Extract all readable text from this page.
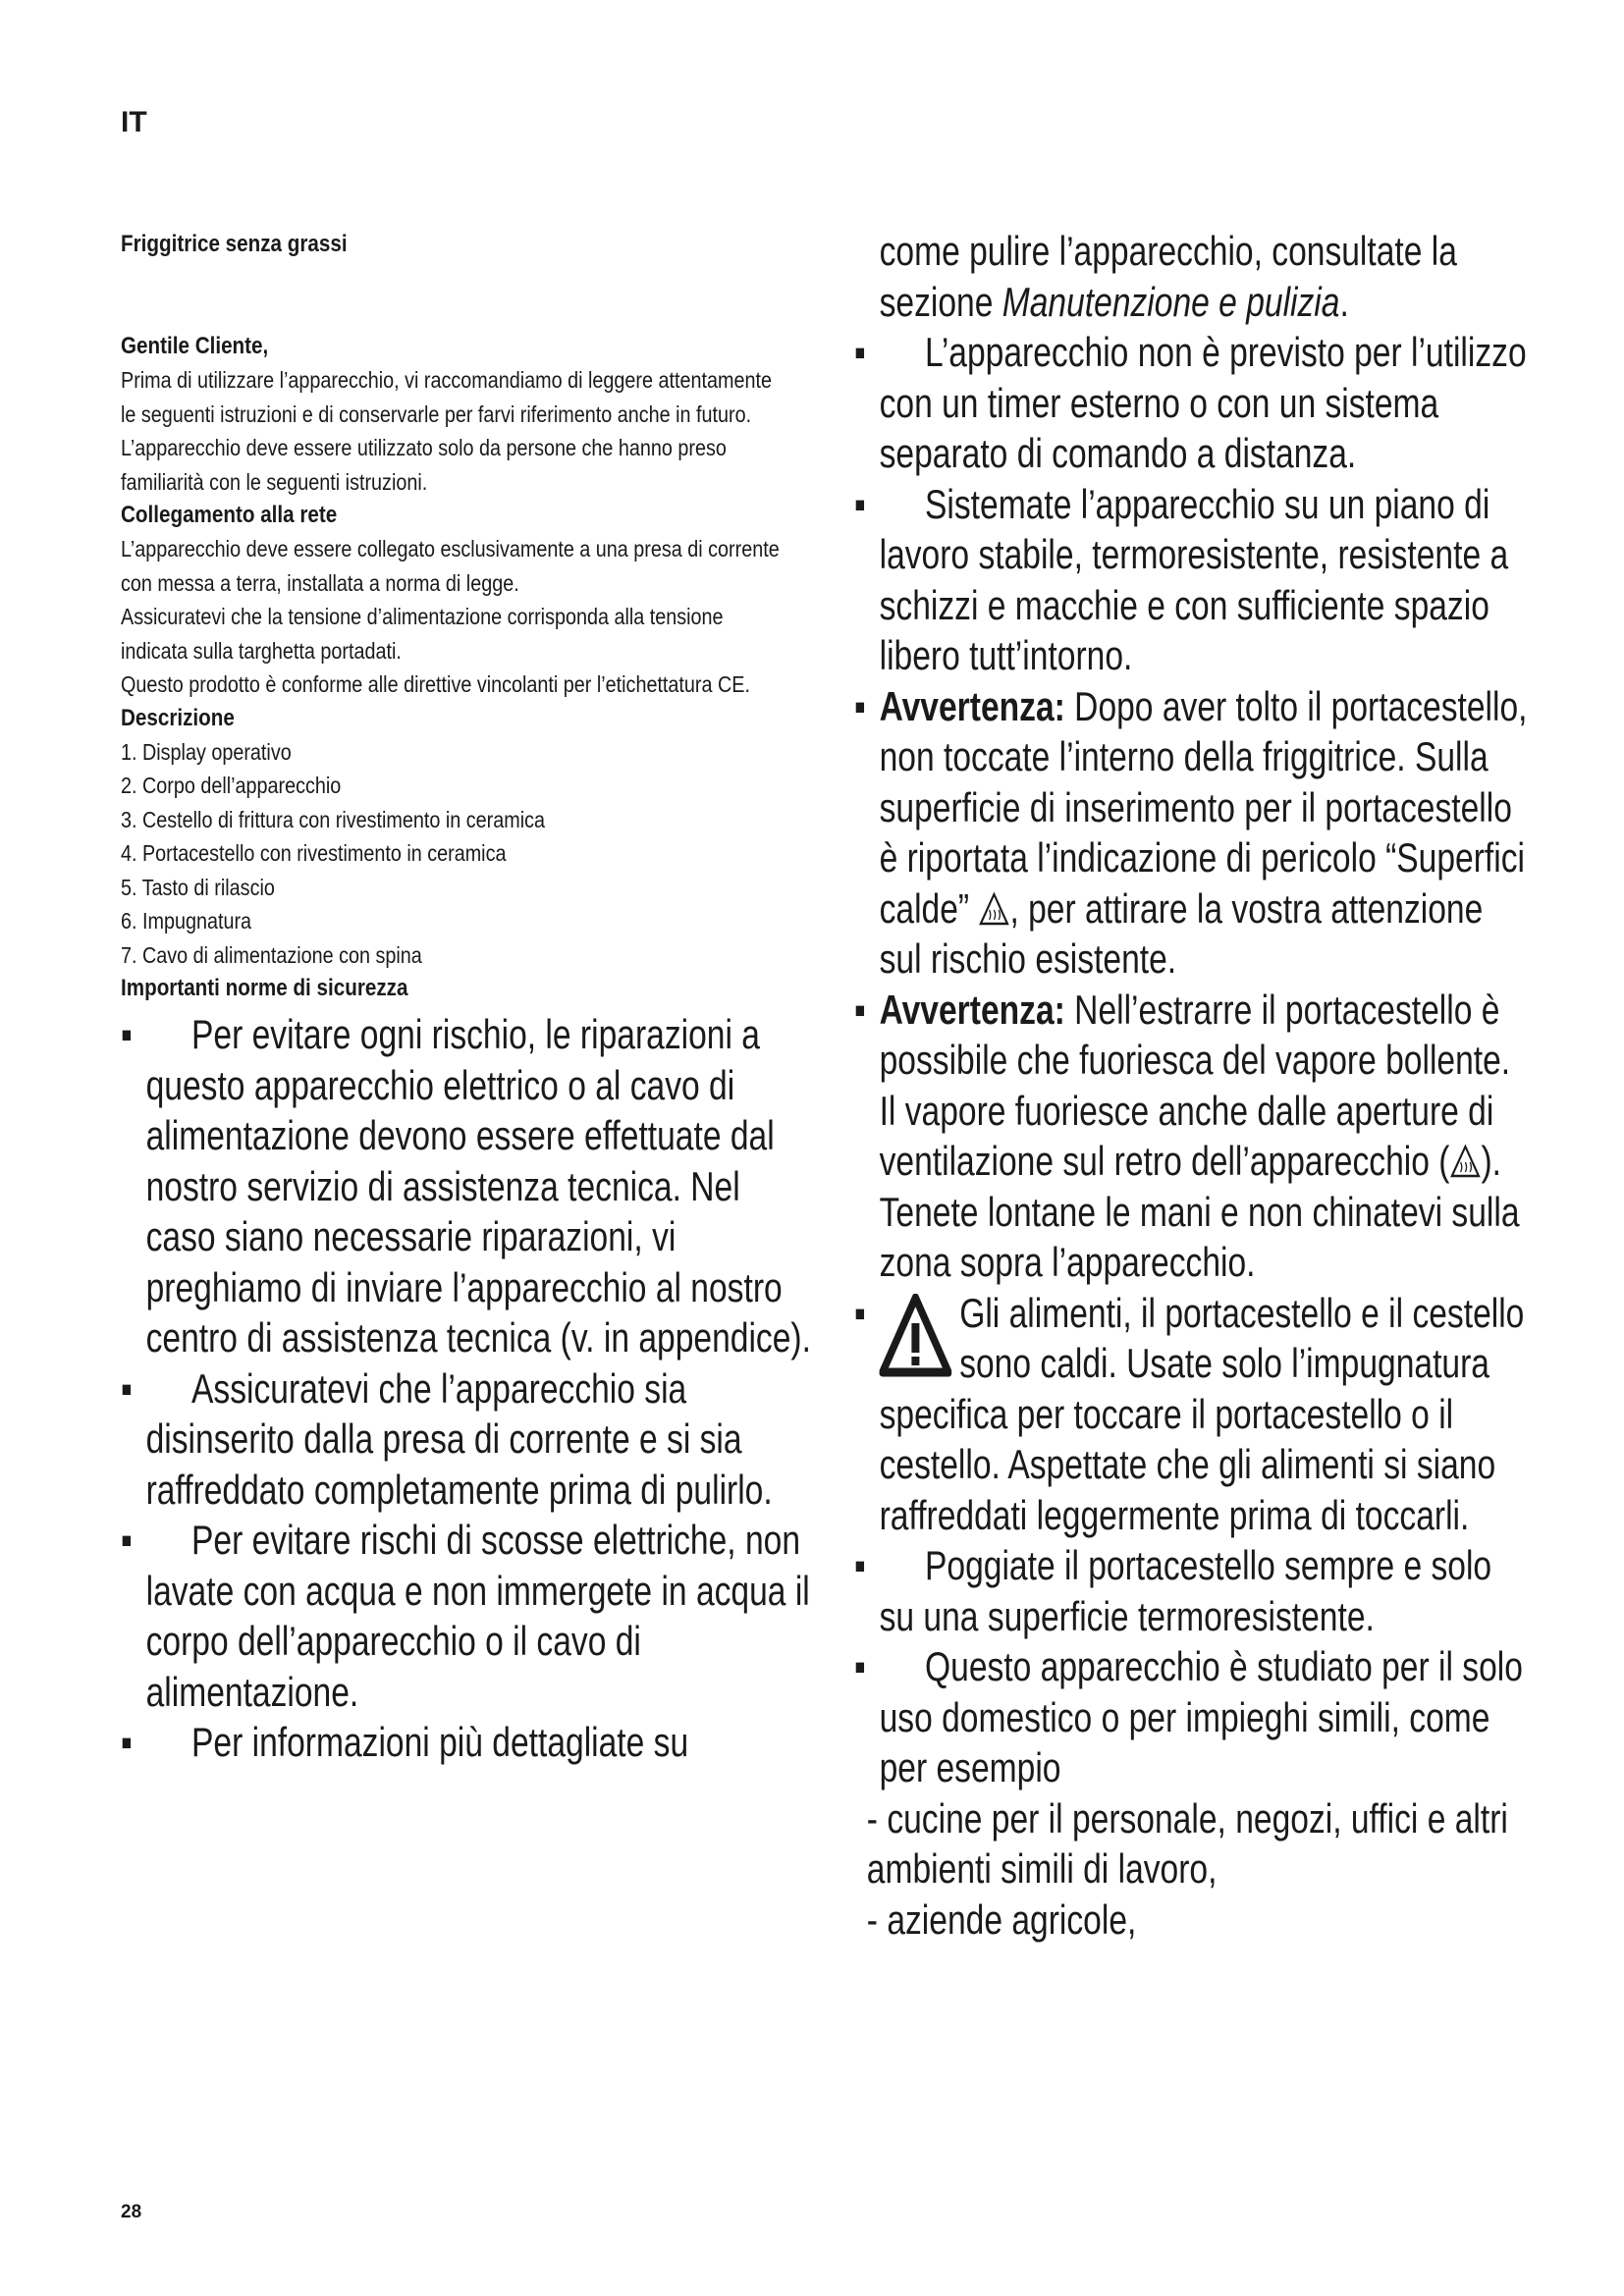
IT
Friggitrice senza grassi
Gentile Cliente,

Prima di utilizzare l’apparecchio, vi raccomandiamo di leggere attentamente le seguenti istruzioni e di conservarle per farvi riferimento anche in futuro. L’apparecchio deve essere utilizzato solo da persone che hanno preso familiarità con le seguenti istruzioni.

Collegamento alla rete

L’apparecchio deve essere collegato esclusivamente a una presa di corrente con messa a terra, installata a norma di legge.

Assicuratevi che la tensione d’alimentazione corrisponda alla tensione indicata sulla targhetta portadati.

Questo prodotto è conforme alle direttive vincolanti per l’etichettatura CE.

Descrizione
1. Display operativo
2. Corpo dell’apparecchio
3. Cestello di frittura con rivestimento in ceramica
4. Portacestello con rivestimento in ceramica
5. Tasto di rilascio
6. Impugnatura
7. Cavo di alimentazione con spina
Importanti norme di sicurezza
▪	Per evitare ogni rischio, le riparazioni a questo apparecchio elettrico o al cavo di alimentazione devono essere effettuate dal nostro servizio di assistenza tecnica. Nel caso siano necessarie riparazioni, vi preghiamo di inviare l’apparecchio al nostro centro di assistenza tecnica (v. in appendice).
▪	Assicuratevi che l’apparecchio sia disinserito dalla presa di corrente e si sia raffreddato completamente prima di pulirlo.
▪	Per evitare rischi di scosse elettriche, non lavate con acqua e non immergete in acqua il corpo dell’apparecchio o il cavo di alimentazione.
▪	Per informazioni più dettagliate su
come pulire l’apparecchio, consultate la sezione Manutenzione e pulizia.
▪	L’apparecchio non è previsto per l’utilizzo con un timer esterno o con un sistema separato di comando a distanza.
▪	Sistemate l’apparecchio su un piano di lavoro stabile, termoresistente, resistente a schizzi e macchie e con sufficiente spazio libero tutt’intorno.
▪ Avvertenza: Dopo aver tolto il portacestello, non toccate l’interno della friggitrice. Sulla superficie di inserimento per il portacestello è riportata l’indicazione di pericolo “Superfici calde” , per attirare la vostra attenzione sul rischio esistente.
▪ Avvertenza: Nell’estrarre il portacestello è possibile che fuoriesca del vapore bollente. Il vapore fuoriesce anche dalle aperture di ventilazione sul retro dell’apparecchio ( ). Tenete lontane le mani e non chinatevi sulla zona sopra l’apparecchio.
▪	Gli alimenti, il portacestello e il cestello sono caldi. Usate solo l’impugnatura specifica per toccare il portacestello o il cestello. Aspettate che gli alimenti si siano raffreddati leggermente prima di toccarli.
▪	Poggiate il portacestello sempre e solo su una superficie termoresistente.
▪	Questo apparecchio è studiato per il solo uso domestico o per impieghi simili, come per esempio
- cucine per il personale, negozi, uffici e altri ambienti simili di lavoro,
- aziende agricole,
28
